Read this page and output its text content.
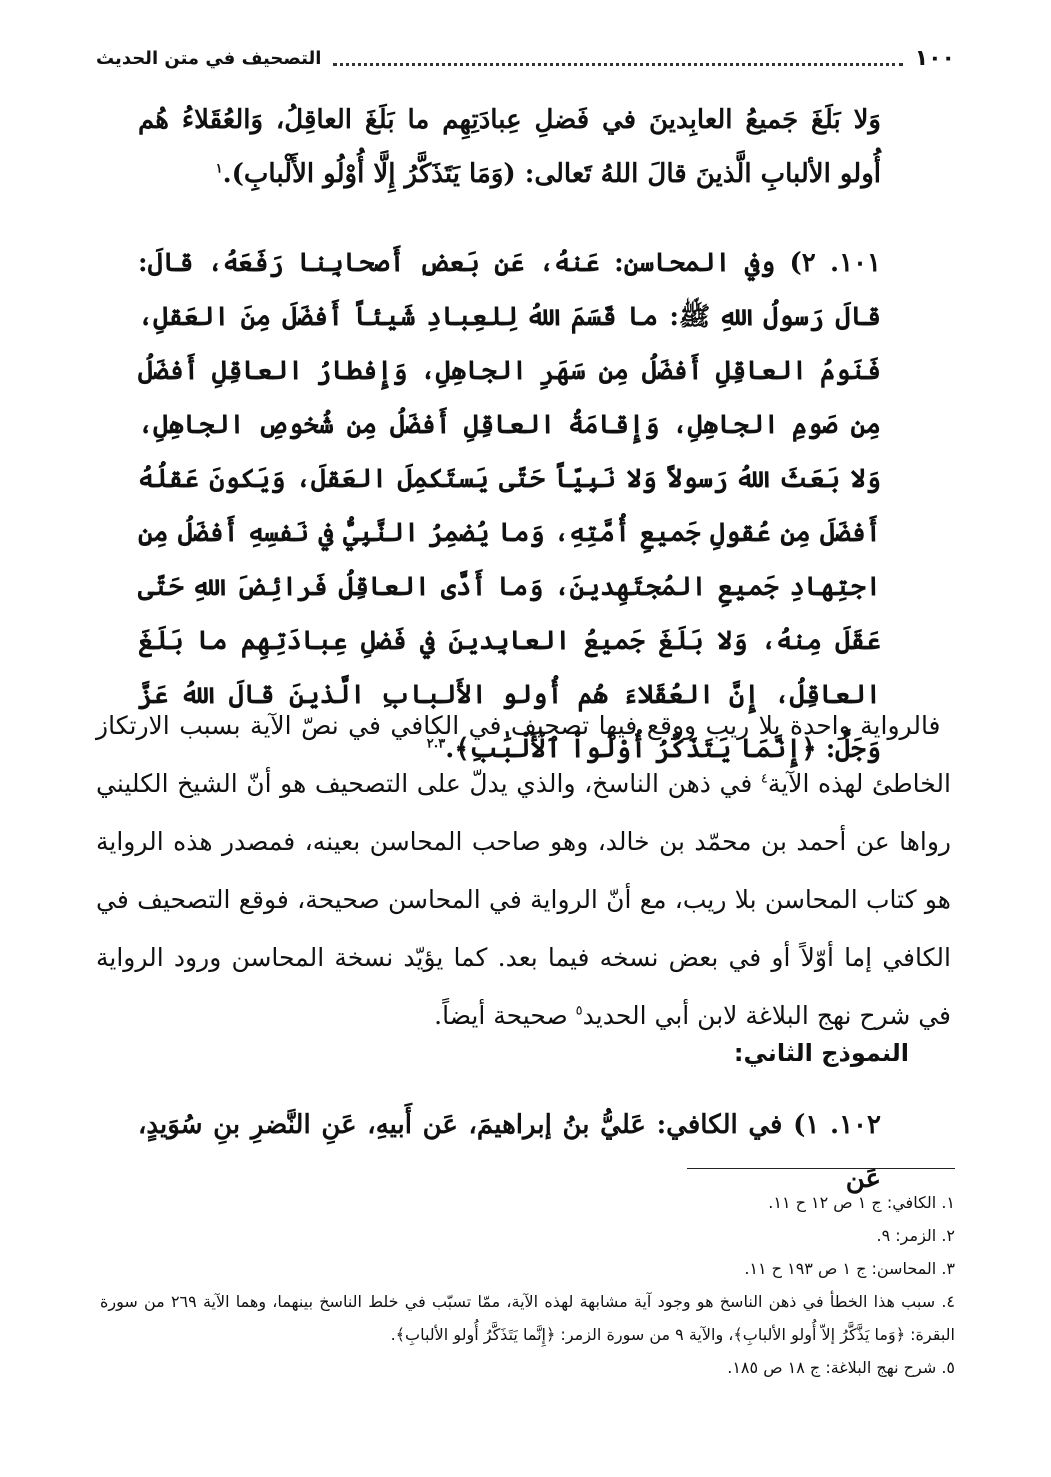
١٠٠
التصحيف في متن الحديث
وَلا بَلَغَ جَميعُ العابِدينَ في فَضلِ عِبادَتِهِم ما بَلَغَ العاقِلُ، وَالعُقَلاءُ هُم أُولو الألبابِ الَّذينَ قالَ اللهُ تَعالى: (وَمَا يَتَذَكَّرُ إِلَّا أُوْلُو الأَلْبابِ).$^١$
١٠١. ٢) وفي المحاسن: عَنهُ، عَن بَعضِ أَصحابِنا رَفَعَهُ، قالَ: قالَ رَسولُ اللهِ ﷺ: ما قَسَمَ اللهُ لِلعِبادِ شَيئاً أَفضَلَ مِنَ العَقلِ، فَنَومُ العاقِلِ أَفضَلُ مِن سَهَرِ الجاهِلِ، وَإِفطارُ العاقِلِ أَفضَلُ مِن صَومِ الجاهِلِ، وَإِقامَةُ العاقِلِ أَفضَلُ مِن شُخوصِ الجاهِلِ، وَلا بَعَثَ اللهُ رَسولاً وَلا نَبِيّاً حَتّى يَستَكمِلَ العَقلَ، وَيَكونَ عَقلُهُ أَفضَلَ مِن عُقولِ جَميعِ أُمَّتِهِ، وَما يُضمِرُ النَّبِيُّ في نَفسِهِ أَفضَلُ مِنِ اجتِهادِ جَميعِ المُجتَهِدينَ، وَما أَدَّى العاقِلُ فَرائِضَ اللهِ حَتّى عَقَلَ مِنهُ، وَلا بَلَغَ جَميعُ العابِدينَ في فَضلِ عِبادَتِهِم ما بَلَغَ العاقِلُ، إِنَّ العُقَلاءَ هُم أُولو الأَلبابِ الَّذينَ قالَ اللهُ عَزَّ وَجَلَّ: ﴿إِنَّمَا يَتَذَكَّرُ أُوْلُواْ ٱلْأَلْبَٰبِ﴾.$^{٢.٣}$
فالرواية واحدة بلا ريب ووقع فيها تصحيف في الكافي في نصّ الآية بسبب الارتكاز الخاطئ لهذه الآية$^٤$ في ذهن الناسخ، والذي يدلّ على التصحيف هو أنّ الشيخ الكليني رواها عن أحمد بن محمّد بن خالد، وهو صاحب المحاسن بعينه، فمصدر هذه الرواية هو كتاب المحاسن بلا ريب، مع أنّ الرواية في المحاسن صحيحة، فوقع التصحيف في الكافي إما أوّلاً أو في بعض نسخه فيما بعد. كما يؤيّد نسخة المحاسن ورود الرواية في شرح نهج البلاغة لابن أبي الحديد$^٥$ صحيحة أيضاً.
النموذج الثاني:
١٠٢. ١) في الكافي: عَليُّ بنُ إبراهيمَ، عَن أَبيهِ، عَنِ النَّضرِ بنِ سُوَيدٍ، عَن
١. الكافي: ج ١ ص ١٢ ح ١١.
٢. الزمر: ٩.
٣. المحاسن: ج ١ ص ١٩٣ ح ١١.
٤. سبب هذا الخطأ في ذهن الناسخ هو وجود آية مشابهة لهذه الآية، ممّا تسبّب في خلط الناسخ بينهما، وهما الآية ٢٦٩ من سورة البقرة: ﴿وَما يَذَّكَّرُ إلاّ أُولو الألبابِ﴾، والآية ٩ من سورة الزمر: ﴿إِنَّما يَتَذَكَّرُ أُولو الألبابِ﴾.
٥. شرح نهج البلاغة: ج ١٨ ص ١٨٥.
